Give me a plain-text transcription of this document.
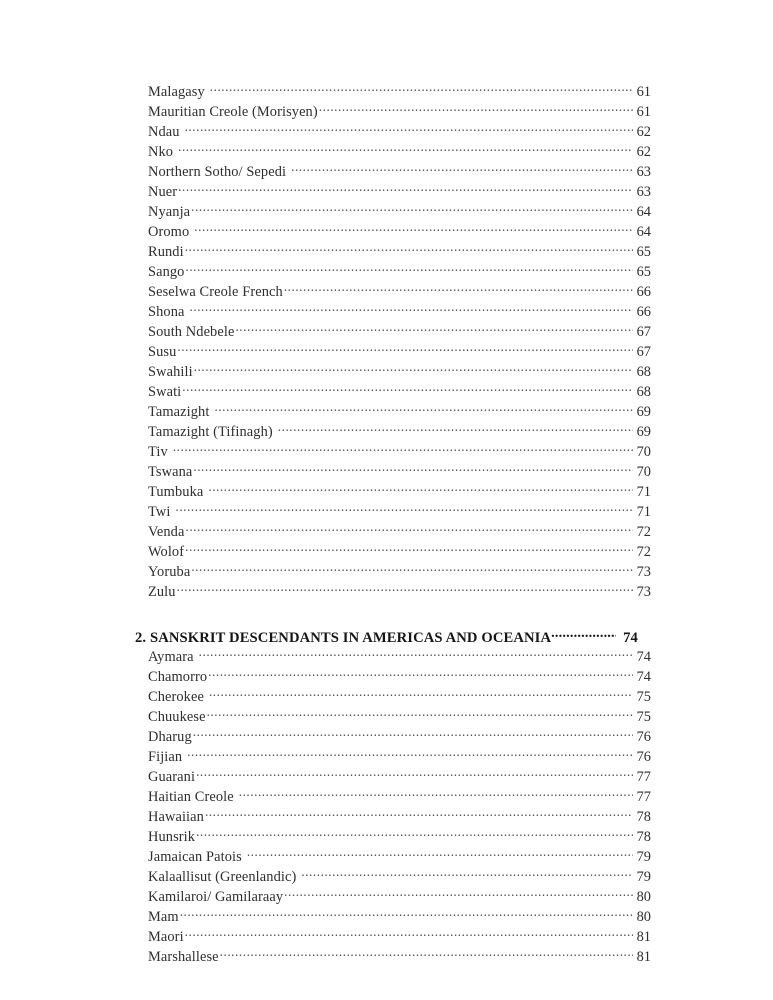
Malagasy .....	61
Mauritian Creole (Morisyen) .....	61
Ndau .....	62
Nko .....	62
Northern Sotho/ Sepedi .....	63
Nuer .....	63
Nyanja .....	64
Oromo .....	64
Rundi .....	65
Sango .....	65
Seselwa Creole French .....	66
Shona .....	66
South Ndebele .....	67
Susu .....	67
Swahili .....	68
Swati .....	68
Tamazight .....	69
Tamazight (Tifinagh) .....	69
Tiv .....	70
Tswana .....	70
Tumbuka .....	71
Twi .....	71
Venda .....	72
Wolof .....	72
Yoruba .....	73
Zulu .....	73
2. SANSKRIT DESCENDANTS IN AMERICAS AND OCEANIA .....	74
Aymara .....	74
Chamorro .....	74
Cherokee .....	75
Chuukese .....	75
Dharug .....	76
Fijian .....	76
Guarani .....	77
Haitian Creole .....	77
Hawaiian .....	78
Hunsrik .....	78
Jamaican Patois .....	79
Kalaallisut (Greenlandic) .....	79
Kamilaroi/ Gamilaraay .....	80
Mam .....	80
Maori .....	81
Marshallese .....	81
